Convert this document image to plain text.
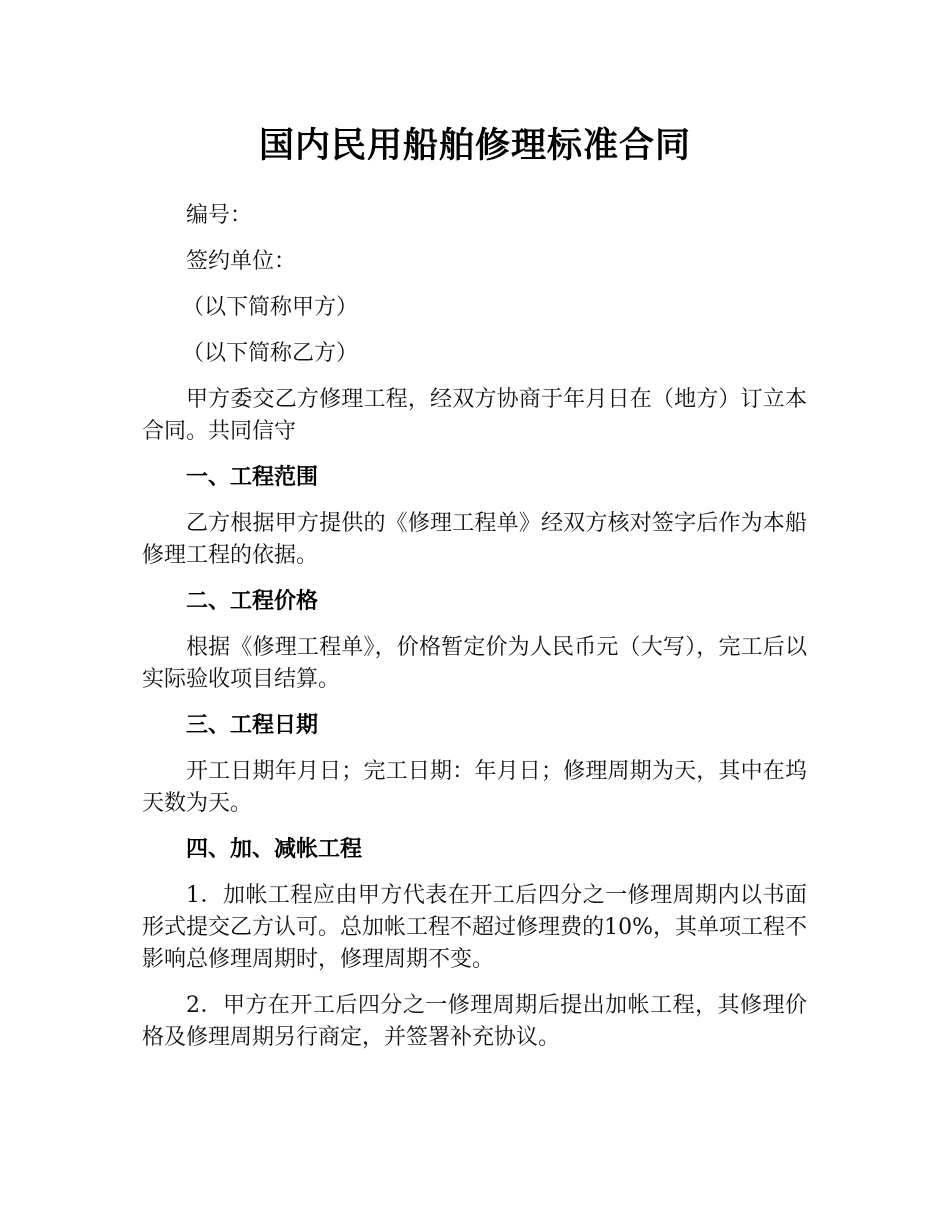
国内民用船舶修理标准合同

编号：

签约单位：

（以下简称甲方）

（以下简称乙方）

甲方委交乙方修理工程，经双方协商于年月日在（地方）订立本合同。共同信守

一、工程范围

乙方根据甲方提供的《修理工程单》经双方核对签字后作为本船修理工程的依据。

二、工程价格

根据《修理工程单》，价格暂定价为人民币元（大写），完工后以实际验收项目结算。

三、工程日期

开工日期年月日；完工日期：年月日；修理周期为天，其中在坞天数为天。

四、加、减帐工程

1．加帐工程应由甲方代表在开工后四分之一修理周期内以书面形式提交乙方认可。总加帐工程不超过修理费的10%，其单项工程不影响总修理周期时，修理周期不变。

2．甲方在开工后四分之一修理周期后提出加帐工程，其修理价格及修理周期另行商定，并签署补充协议。
